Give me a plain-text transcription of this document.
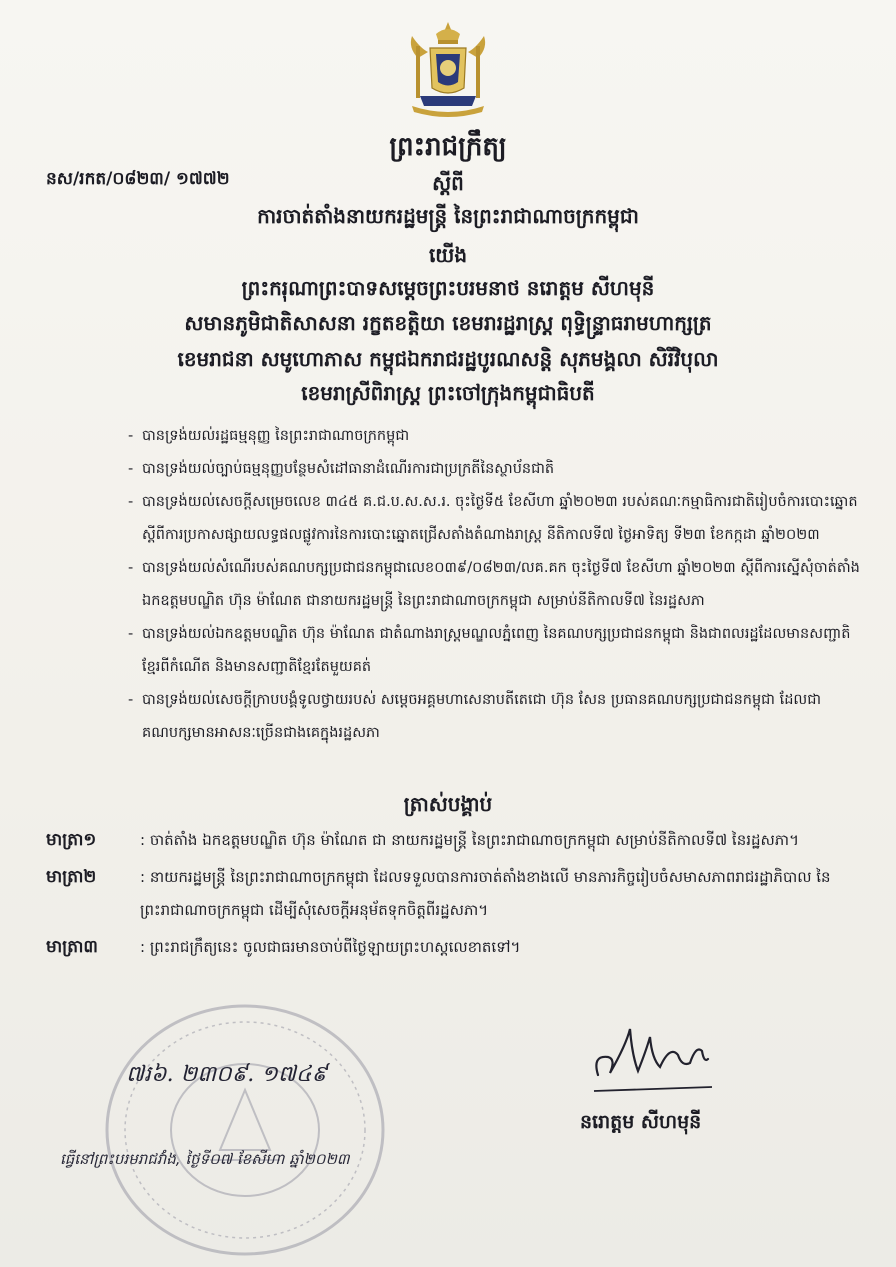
នស/រកត/០៨២៣/ ១៧៧២
ព្រះរាជក្រឹត្យ
ស្តីពី
ការចាត់តាំងនាយករដ្ឋមន្ត្រី នៃព្រះរាជាណាចក្រកម្ពុជា
យើង
ព្រះករុណាព្រះបាទសម្តេចព្រះបរមនាថ នរោត្តម សីហមុនី
សមានភូមិជាតិសាសនា រក្ខតខត្តិយា ខេមរារដ្ឋរាស្ត្រ ពុទ្ធិន្ទ្រាធរាមហាក្សត្រ
ខេមរាជនា សមូហោភាស កម្ពុជឯករាជរដ្ឋបូរណសន្តិ សុភមង្គលា សិរីវិបុលា
ខេមរាស្រីពិរាស្ត្រ ព្រះចៅក្រុងកម្ពុជាធិបតី
- បានទ្រង់យល់រដ្ឋធម្មនុញ្ញ នៃព្រះរាជាណាចក្រកម្ពុជា
- បានទ្រង់យល់ច្បាប់ធម្មនុញ្ញបន្ថែមសំដៅធានាដំណើរការជាប្រក្រតីនៃស្ថាប័នជាតិ
- បានទ្រង់យល់សេចក្តីសម្រេចលេខ ៣៤៥ គ.ជ.ប.ស.ស.រ. ចុះថ្ងៃទី៥ ខែសីហា ឆ្នាំ២០២៣ របស់គណៈកម្មាធិការជាតិរៀបចំការបោះឆ្នោតស្តីពីការប្រកាសផ្សាយលទ្ធផលផ្លូវការនៃការបោះឆ្នោតជ្រើសតាំងតំណាងរាស្ត្រ នីតិកាលទី៧ ថ្ងៃអាទិត្យ ទី២៣ ខែកក្កដា ឆ្នាំ២០២៣
- បានទ្រង់យល់សំណើរបស់គណបក្សប្រជាជនកម្ពុជាលេខ០៣៩/០៨២៣/លគ.គក ចុះថ្ងៃទី៧ ខែសីហា ឆ្នាំ២០២៣ ស្តីពីការស្នើសុំចាត់តាំងឯកឧត្តមបណ្ឌិត ហ៊ុន ម៉ាណែត ជានាយករដ្ឋមន្ត្រី នៃព្រះរាជាណាចក្រកម្ពុជា សម្រាប់នីតិកាលទី៧ នៃរដ្ឋសភា
- បានទ្រង់យល់ឯកឧត្តមបណ្ឌិត ហ៊ុន ម៉ាណែត ជាតំណាងរាស្ត្រមណ្ឌលភ្នំពេញ នៃគណបក្សប្រជាជនកម្ពុជា និងជាពលរដ្ឋដែលមានសញ្ជាតិខ្មែរពីកំណើត និងមានសញ្ជាតិខ្មែរតែមួយគត់
- បានទ្រង់យល់សេចក្តីក្រាបបង្គំទូលថ្វាយរបស់ សម្តេចអគ្គមហាសេនាបតីតេជោ ហ៊ុន សែន ប្រធានគណបក្សប្រជាជនកម្ពុជា ដែលជាគណបក្សមានអាសនៈច្រើនជាងគេក្នុងរដ្ឋសភា
ត្រាស់បង្គាប់
មាត្រា១	: ចាត់តាំង ឯកឧត្តមបណ្ឌិត ហ៊ុន ម៉ាណែត ជា នាយករដ្ឋមន្ត្រី នៃព្រះរាជាណាចក្រកម្ពុជា សម្រាប់នីតិកាលទី៧ នៃរដ្ឋសភា។
មាត្រា២	: នាយករដ្ឋមន្ត្រី នៃព្រះរាជាណាចក្រកម្ពុជា ដែលទទួលបានការចាត់តាំងខាងលើ មានភារកិច្ចរៀបចំសមាសភាពរាជរដ្ឋាភិបាល នៃព្រះរាជាណាចក្រកម្ពុជា ដើម្បីសុំសេចក្តីអនុម័តទុកចិត្តពីរដ្ឋសភា។
មាត្រា៣	: ព្រះរាជក្រឹត្យនេះ ចូលជាធរមានចាប់ពីថ្ងៃឡាយព្រះហស្តលេខាតទៅ។
៧រ៦. ២៣០៩. ១៧៤៩
នរោត្តម សីហមុនី
ធ្វើនៅព្រះបរមរាជវាំង, ថ្ងៃទី០៧ ខែសីហា ឆ្នាំ២០២៣
